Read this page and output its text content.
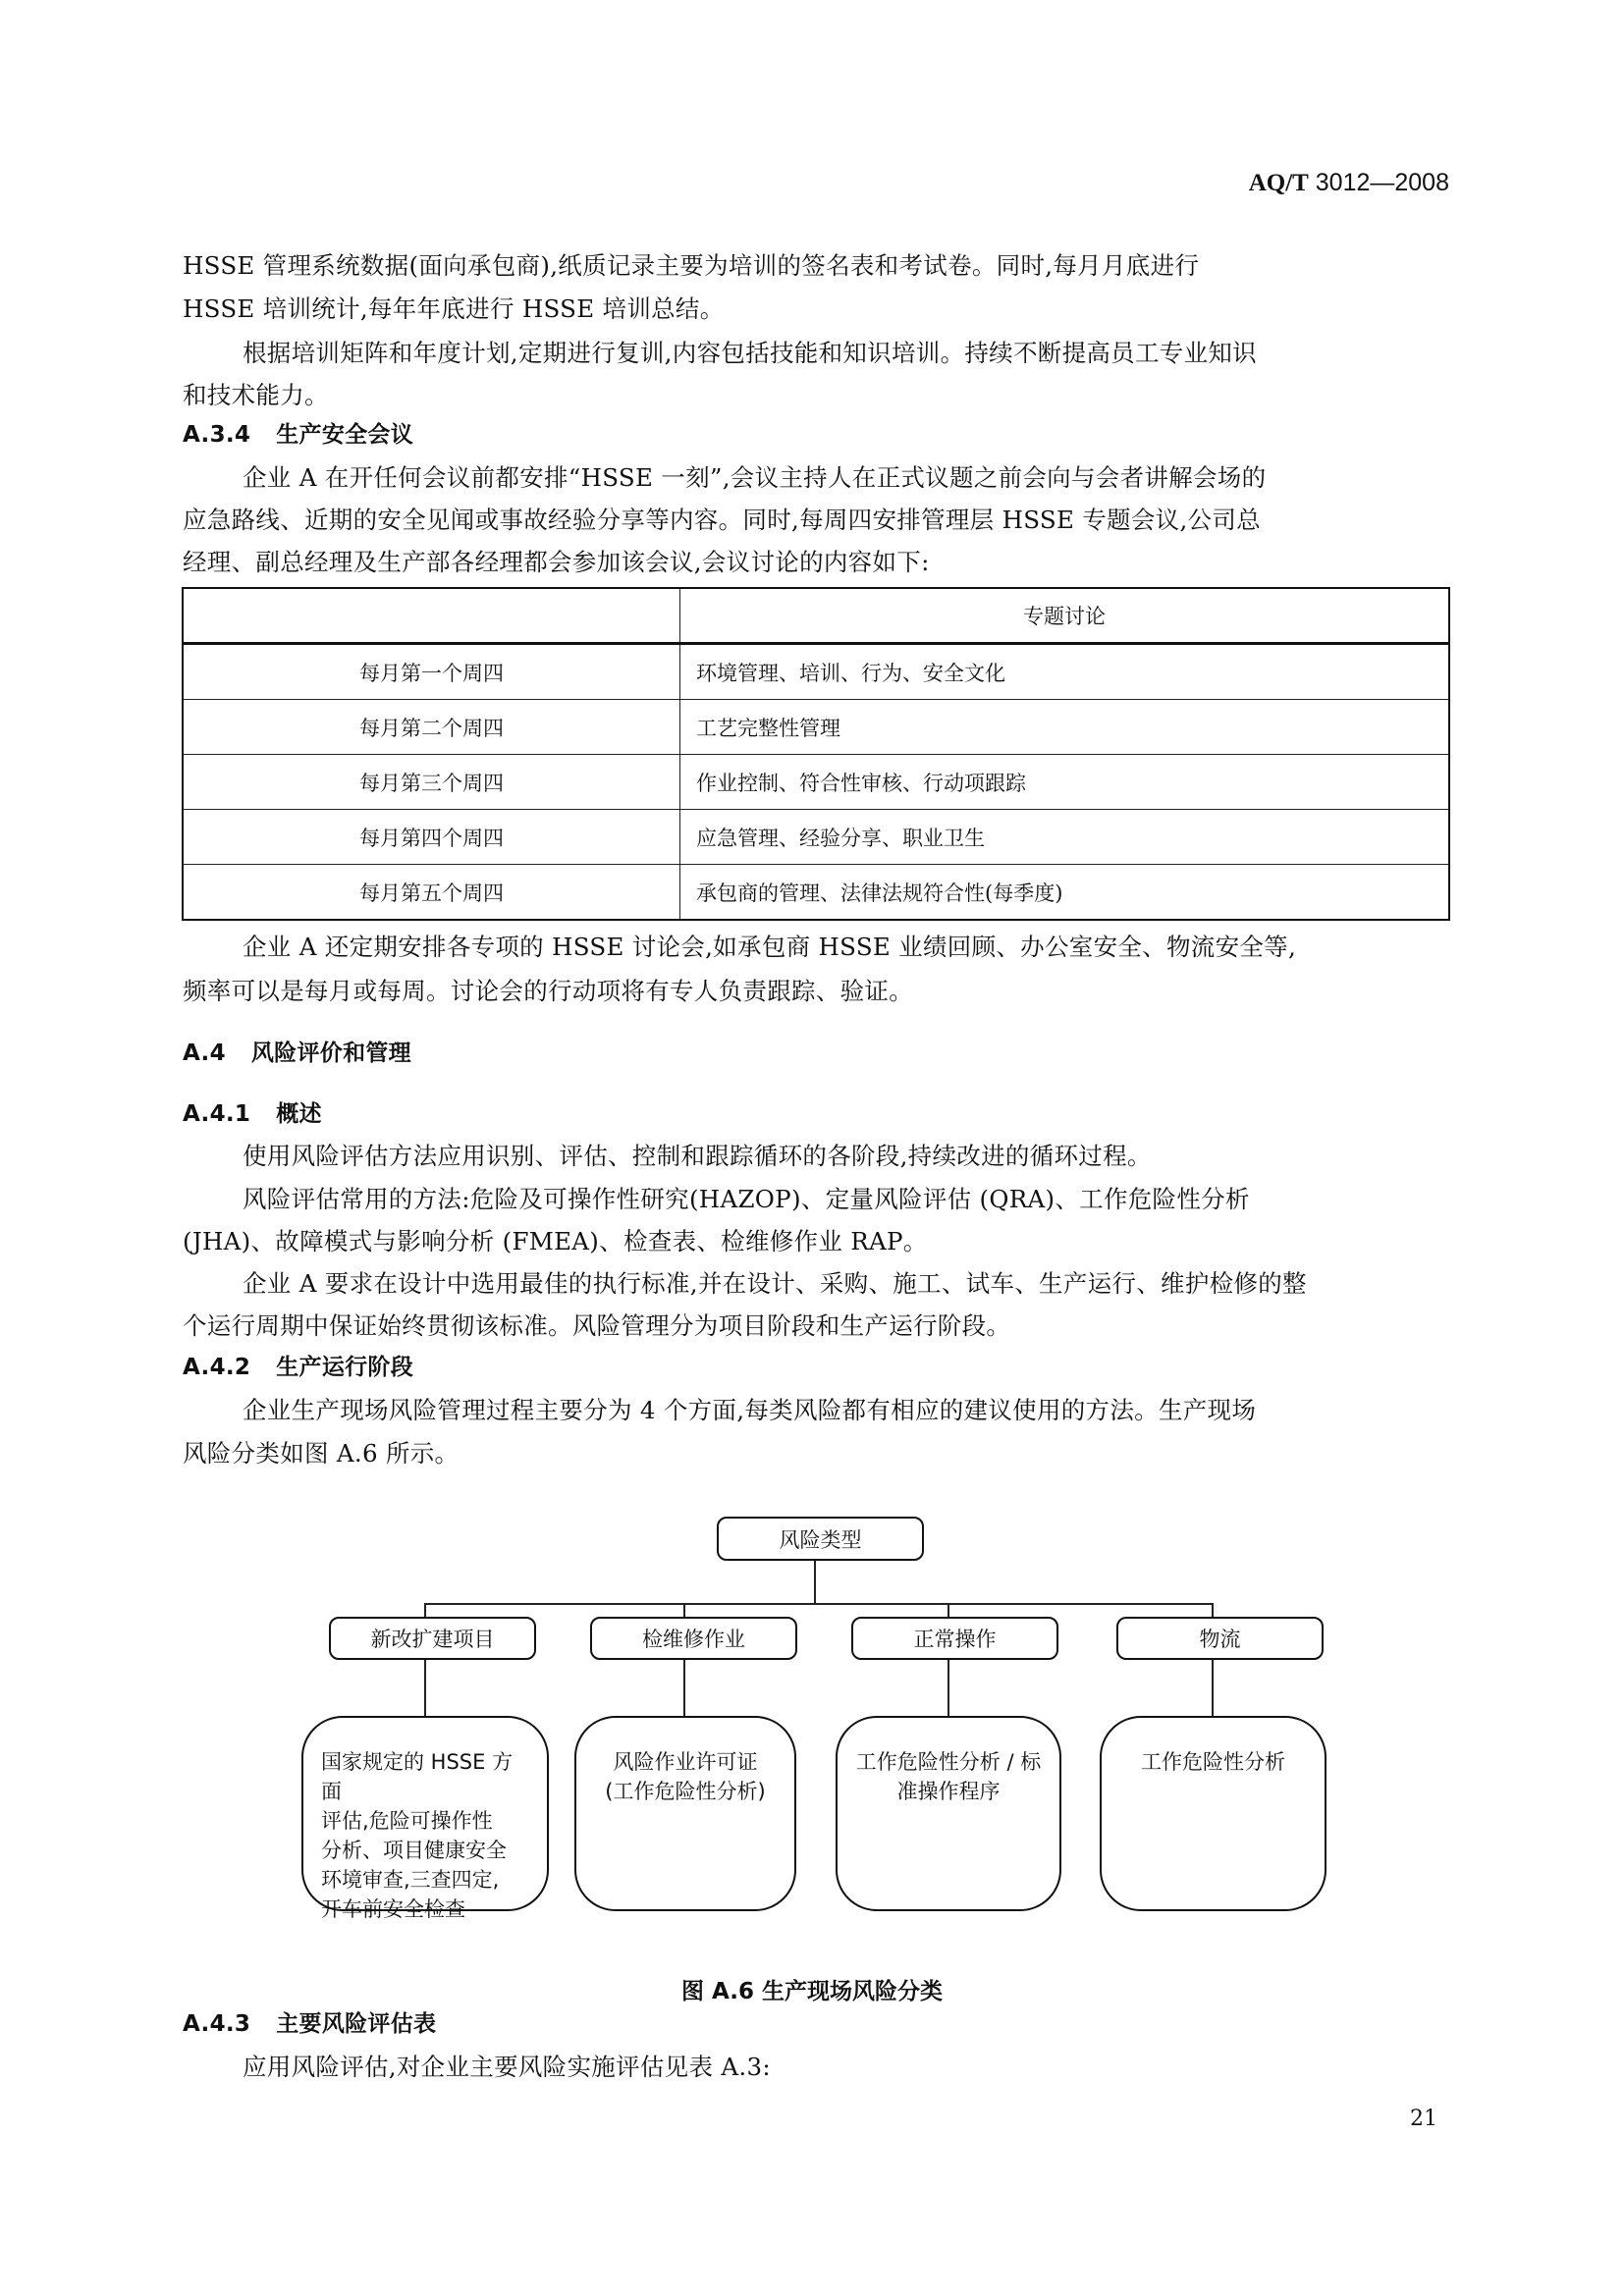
AQ/T 3012—2008
HSSE 管理系统数据(面向承包商),纸质记录主要为培训的签名表和考试卷。同时,每月月底进行
HSSE 培训统计,每年年底进行 HSSE 培训总结。
根据培训矩阵和年度计划,定期进行复训,内容包括技能和知识培训。持续不断提高员工专业知识
和技术能力。
A.3.4 生产安全会议
企业 A 在开任何会议前都安排“HSSE 一刻”,会议主持人在正式议题之前会向与会者讲解会场的
应急路线、近期的安全见闻或事故经验分享等内容。同时,每周四安排管理层 HSSE 专题会议,公司总
经理、副总经理及生产部各经理都会参加该会议,会议讨论的内容如下:
	专题讨论
每月第一个周四	环境管理、培训、行为、安全文化
每月第二个周四	工艺完整性管理
每月第三个周四	作业控制、符合性审核、行动项跟踪
每月第四个周四	应急管理、经验分享、职业卫生
每月第五个周四	承包商的管理、法律法规符合性(每季度)
企业 A 还定期安排各专项的 HSSE 讨论会,如承包商 HSSE 业绩回顾、办公室安全、物流安全等,
频率可以是每月或每周。讨论会的行动项将有专人负责跟踪、验证。
A.4 风险评价和管理
A.4.1 概述
使用风险评估方法应用识别、评估、控制和跟踪循环的各阶段,持续改进的循环过程。
风险评估常用的方法:危险及可操作性研究(HAZOP)、定量风险评估 (QRA)、工作危险性分析
(JHA)、故障模式与影响分析 (FMEA)、检查表、检维修作业 RAP。
企业 A 要求在设计中选用最佳的执行标准,并在设计、采购、施工、试车、生产运行、维护检修的整
个运行周期中保证始终贯彻该标准。风险管理分为项目阶段和生产运行阶段。
A.4.2 生产运行阶段
企业生产现场风险管理过程主要分为 4 个方面,每类风险都有相应的建议使用的方法。生产现场
风险分类如图 A.6 所示。
风险类型
新改扩建项目	检维修作业	正常操作	物流
国家规定的 HSSE 方面
评估,危险可操作性
分析、项目健康安全
环境审查,三查四定,
开车前安全检查
风险作业许可证
(工作危险性分析)
工作危险性分析 / 标
准操作程序
工作危险性分析
图 A.6 生产现场风险分类
A.4.3 主要风险评估表
应用风险评估,对企业主要风险实施评估见表 A.3:
21
